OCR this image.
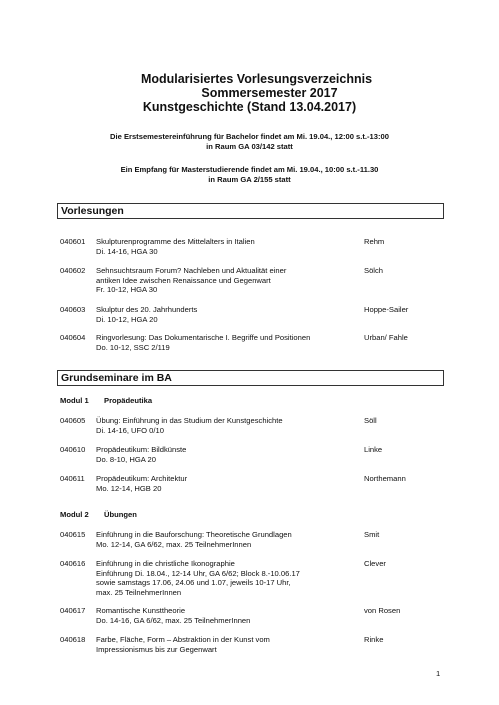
Modularisiertes Vorlesungsverzeichnis
Sommersemester 2017
Kunstgeschichte (Stand 13.04.2017)
Die Erstsemestereinführung für Bachelor findet am Mi. 19.04., 12:00 s.t.-13:00
in Raum GA 03/142 statt
Ein Empfang für Masterstudierende findet am Mi. 19.04., 10:00 s.t.-11.30
in Raum GA 2/155 statt
Vorlesungen
040601 Skulpturenprogramme des Mittelalters in Italien
Di. 14-16, HGA 30
Rehm
040602 Sehnsuchtsraum Forum? Nachleben und Aktualität einer
antiken Idee zwischen Renaissance und Gegenwart
Fr. 10-12, HGA 30
Sölch
040603 Skulptur des 20. Jahrhunderts
Di. 10-12, HGA 20
Hoppe-Sailer
040604 Ringvorlesung: Das Dokumentarische I. Begriffe und Positionen
Do. 10-12, SSC 2/119
Urban/ Fahle
Grundseminare im BA
Modul 1 Propädeutika
040605 Übung: Einführung in das Studium der Kunstgeschichte
Di. 14-16, UFO 0/10
Söll
040610 Propädeutikum: Bildkünste
Do. 8-10, HGA 20
Linke
040611 Propädeutikum: Architektur
Mo. 12-14, HGB 20
Northemann
Modul 2 Übungen
040615 Einführung in die Bauforschung: Theoretische Grundlagen
Mo. 12-14, GA 6/62, max. 25 TeilnehmerInnen
Smit
040616 Einführung in die christliche Ikonographie
Einführung Di. 18.04., 12-14 Uhr, GA 6/62; Block 8.-10.06.17
sowie samstags 17.06, 24.06 und 1.07, jeweils 10-17 Uhr,
max. 25 TeilnehmerInnen
Clever
040617 Romantische Kunsttheorie
Do. 14-16, GA 6/62, max. 25 TeilnehmerInnen
von Rosen
040618 Farbe, Fläche, Form – Abstraktion in der Kunst vom
Impressionismus bis zur Gegenwart
Rinke
1
